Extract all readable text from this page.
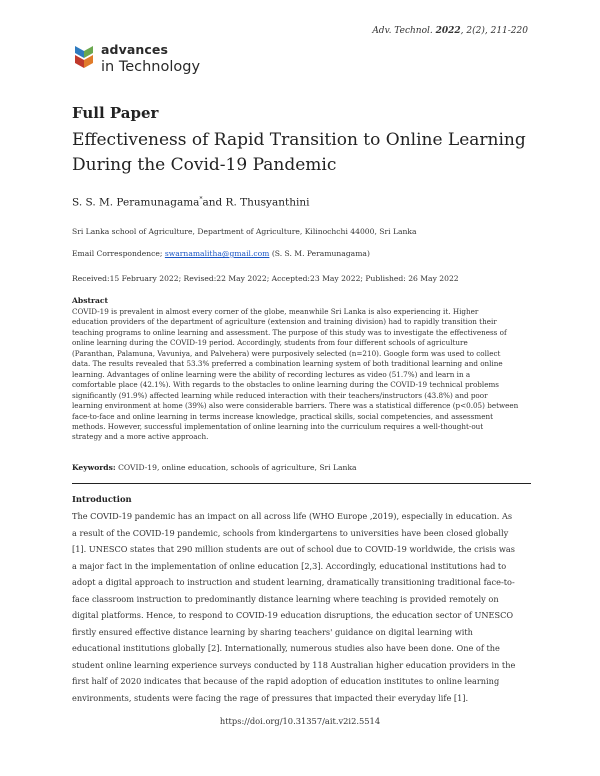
Adv. Technol. 2022, 2(2), 211-220
advances
in Technology
Full Paper
Effectiveness of Rapid Transition to Online Learning
During the Covid-19 Pandemic
S. S. M. Peramunagama*and R. Thusyanthini
Sri Lanka school of Agriculture, Department of Agriculture, Kilinochchi 44000, Sri Lanka
Email Correspondence; swarnamalitha@gmail.com (S. S. M. Peramunagama)
Received:15 February 2022; Revised:22 May 2022; Accepted:23 May 2022; Published: 26 May 2022
Abstract
COVID-19 is prevalent in almost every corner of the globe, meanwhile Sri Lanka is also experiencing it. Higher
education providers of the department of agriculture (extension and training division) had to rapidly transition their
teaching programs to online learning and assessment. The purpose of this study was to investigate the effectiveness of
online learning during the COVID-19 period. Accordingly, students from four different schools of agriculture
(Paranthan, Palamuna, Vavuniya, and Palvehera) were purposively selected (n=210). Google form was used to collect
data. The results revealed that 53.3% preferred a combination learning system of both traditional learning and online
learning. Advantages of online learning were the ability of recording lectures as video (51.7%) and learn in a
comfortable place (42.1%). With regards to the obstacles to online learning during the COVID-19 technical problems
significantly (91.9%) affected learning while reduced interaction with their teachers/instructors (43.8%) and poor
learning environment at home (39%) also were considerable barriers. There was a statistical difference (p<0.05) between
face-to-face and online learning in terms increase knowledge, practical skills, social competencies, and assessment
methods. However, successful implementation of online learning into the curriculum requires a well-thought-out
strategy and a more active approach.
Keywords: COVID-19, online education, schools of agriculture, Sri Lanka
Introduction
The COVID-19 pandemic has an impact on all across life (WHO Europe ,2019), especially in education. As
a result of the COVID-19 pandemic, schools from kindergartens to universities have been closed globally
[1]. UNESCO states that 290 million students are out of school due to COVID-19 worldwide, the crisis was
a major fact in the implementation of online education [2,3]. Accordingly, educational institutions had to
adopt a digital approach to instruction and student learning, dramatically transitioning traditional face-to-
face classroom instruction to predominantly distance learning where teaching is provided remotely on
digital platforms. Hence, to respond to COVID-19 education disruptions, the education sector of UNESCO
firstly ensured effective distance learning by sharing teachers' guidance on digital learning with
educational institutions globally [2]. Internationally, numerous studies also have been done. One of the
student online learning experience surveys conducted by 118 Australian higher education providers in the
first half of 2020 indicates that because of the rapid adoption of education institutes to online learning
environments, students were facing the rage of pressures that impacted their everyday life [1].
https://doi.org/10.31357/ait.v2i2.5514
